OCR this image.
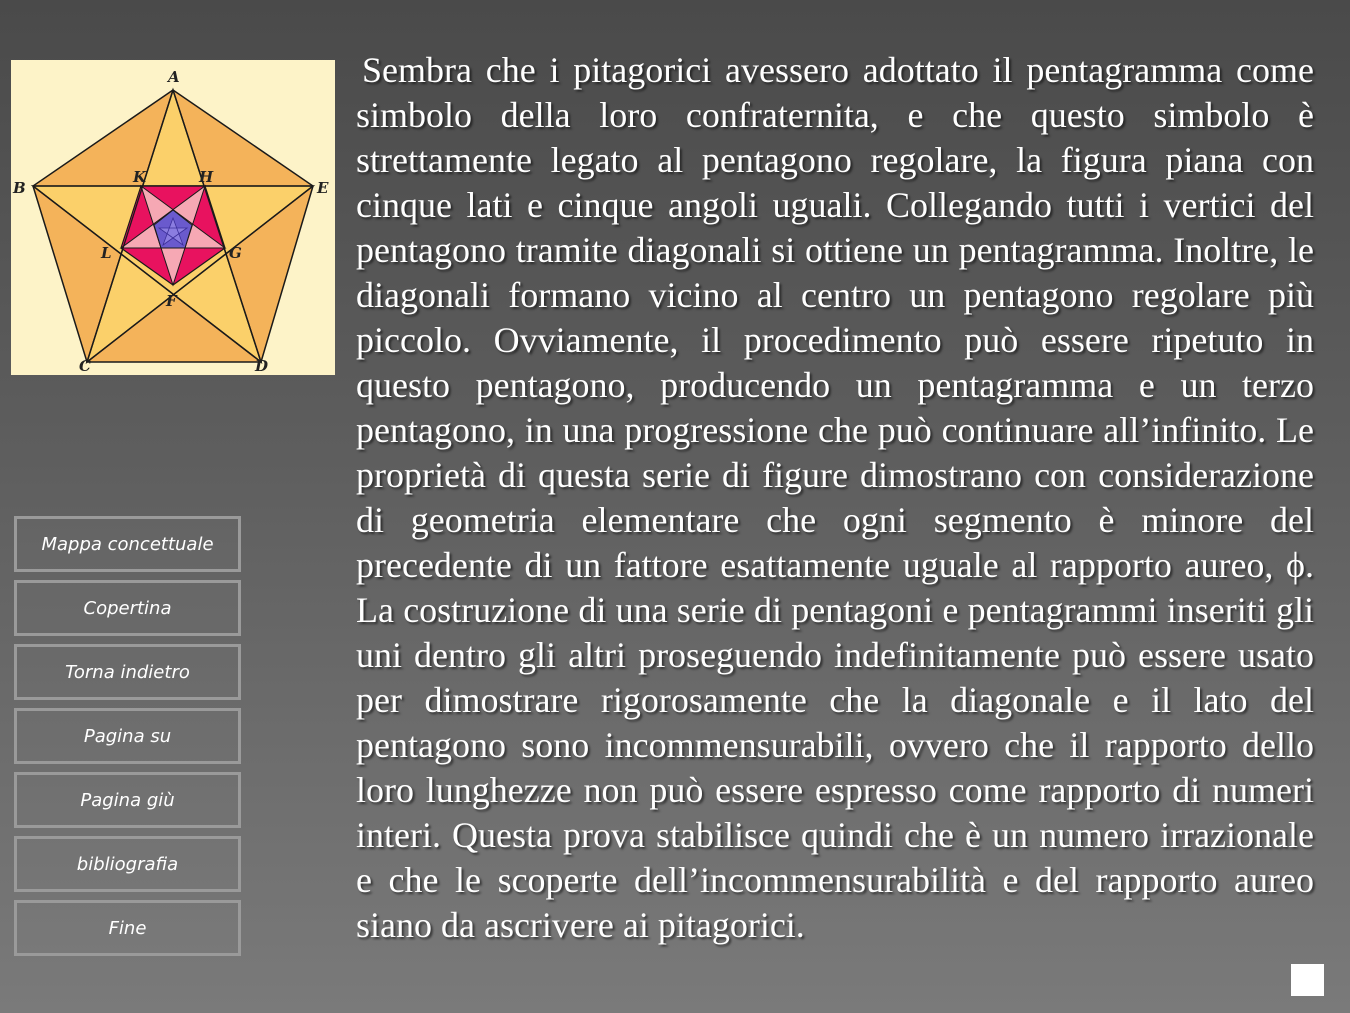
A
B
C	D
E
F
G
H
K
L
Mappa concettuale
Copertina
Torna indietro
Pagina su
Pagina giù
bibliografia
Fine

Sembra che i pitagorici avessero adottato il pentagramma come simbolo della loro confraternita, e che questo simbolo è strettamente legato al pentagono regolare, la figura piana con cinque lati e cinque angoli uguali. Collegando tutti i vertici del pentagono tramite diagonali si ottiene un pentagramma. Inoltre, le diagonali formano vicino al centro un pentagono regolare più piccolo. Ovviamente, il procedimento può essere ripetuto in questo pentagono, producendo un pentagramma e un terzo pentagono, in una progressione che può continuare all’infinito. Le proprietà di questa serie di figure dimostrano con considerazione di geometria elementare che ogni segmento è minore del precedente di un fattore esattamente uguale al rapporto aureo, ϕ. La costruzione di una serie di pentagoni e pentagrammi inseriti gli uni dentro gli altri proseguendo indefinitamente può essere usato per dimostrare rigorosamente che la diagonale e il lato del pentagono sono incommensurabili, ovvero che il rapporto dello loro lunghezze non può essere espresso come rapporto di numeri interi. Questa prova stabilisce quindi che è un numero irrazionale e che le scoperte dell’incommensurabilità e del rapporto aureo siano da ascrivere ai pitagorici.
